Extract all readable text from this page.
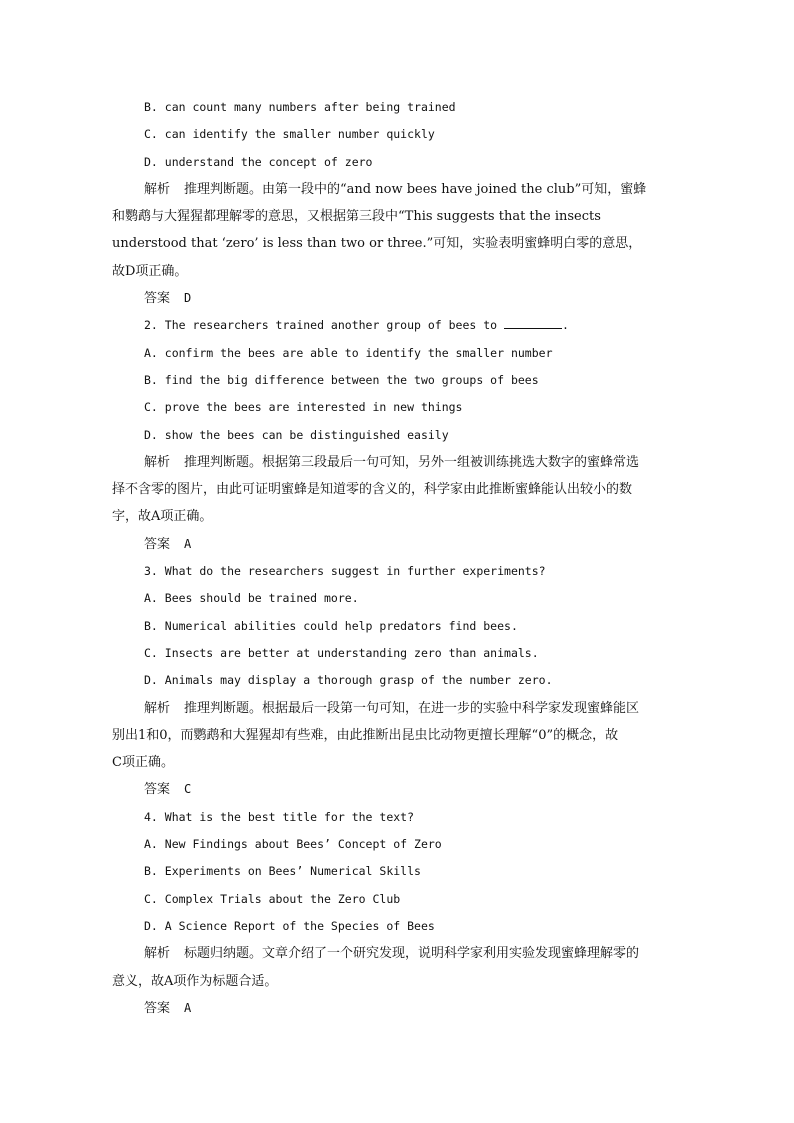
B. can count many numbers after being trained
C. can identify the smaller number quickly
D. understand the concept of zero
解析 推理判断题。由第一段中的“and now bees have joined the club”可知，蜜蜂
和鹦鹉与大猩猩都理解零的意思，又根据第三段中“This suggests that the insects
understood that ‘zero’ is less than two or three.”可知，实验表明蜜蜂明白零的意思，
故D项正确。
答案 D
2. The researchers trained another group of bees to	.
A. confirm the bees are able to identify the smaller number
B. find the big difference between the two groups of bees
C. prove the bees are interested in new things
D. show the bees can be distinguished easily
解析 推理判断题。根据第三段最后一句可知，另外一组被训练挑选大数字的蜜蜂常选
择不含零的图片，由此可证明蜜蜂是知道零的含义的，科学家由此推断蜜蜂能认出较小的数
字，故A项正确。
答案 A
3. What do the researchers suggest in further experiments?
A. Bees should be trained more.
B. Numerical abilities could help predators find bees.
C. Insects are better at understanding zero than animals.
D. Animals may display a thorough grasp of the number zero.
解析 推理判断题。根据最后一段第一句可知，在进一步的实验中科学家发现蜜蜂能区
别出1和0，而鹦鹉和大猩猩却有些难，由此推断出昆虫比动物更擅长理解“0”的概念，故
C项正确。
答案 C
4. What is the best title for the text?
A. New Findings about Bees’ Concept of Zero
B. Experiments on Bees’ Numerical Skills
C. Complex Trials about the Zero Club
D. A Science Report of the Species of Bees
解析 标题归纳题。文章介绍了一个研究发现，说明科学家利用实验发现蜜蜂理解零的
意义，故A项作为标题合适。
答案 A
